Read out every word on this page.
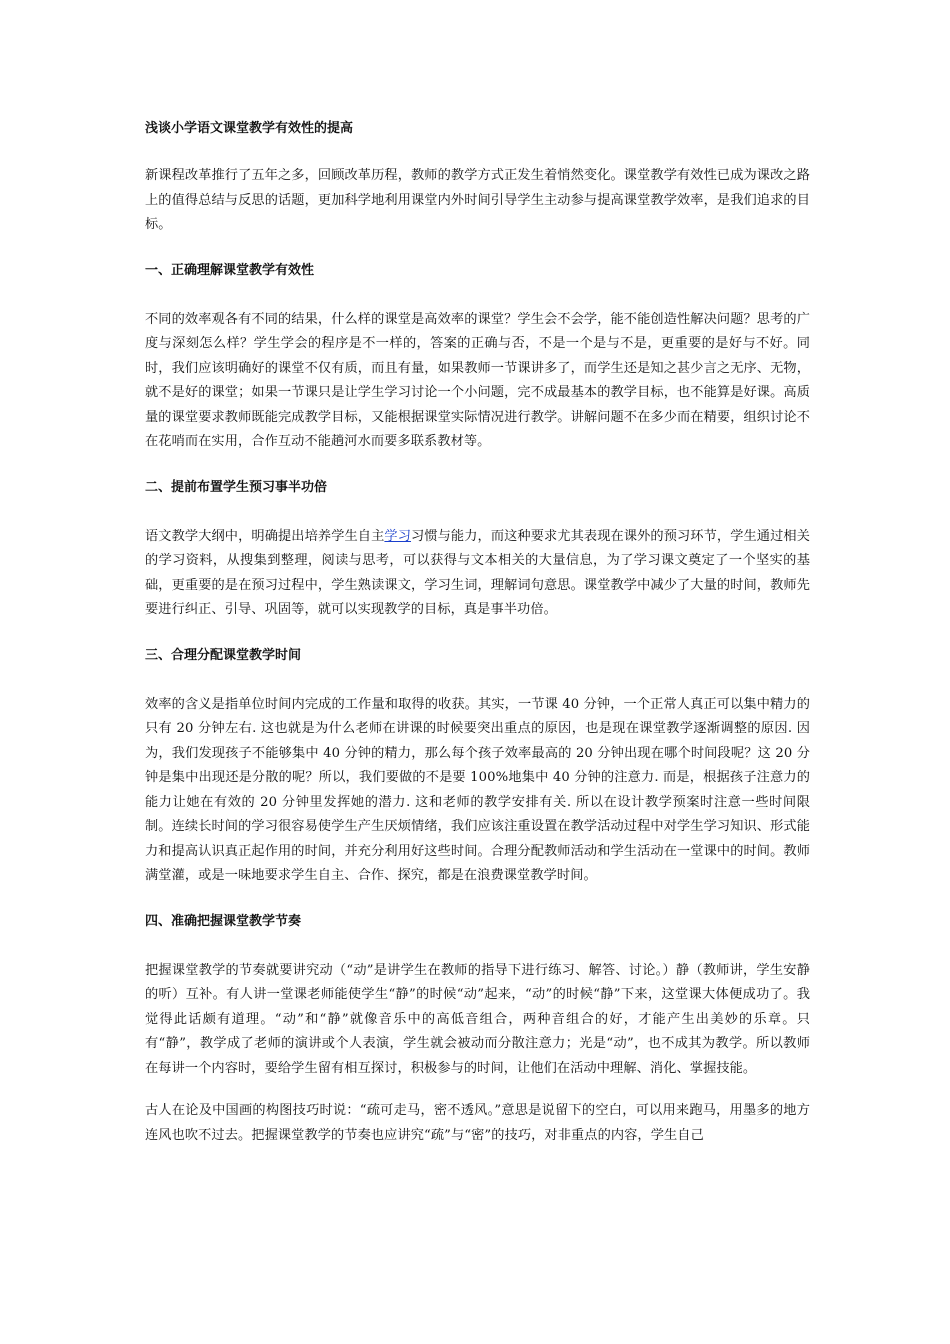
浅谈小学语文课堂教学有效性的提高

新课程改革推行了五年之多，回顾改革历程，教师的教学方式正发生着悄然变化。课堂教学有效性已成为课改之路上的值得总结与反思的话题，更加科学地利用课堂内外时间引导学生主动参与提高课堂教学效率，是我们追求的目标。

一、正确理解课堂教学有效性

不同的效率观各有不同的结果，什么样的课堂是高效率的课堂？学生会不会学，能不能创造性解决问题？思考的广度与深刻怎么样？学生学会的程序是不一样的，答案的正确与否，不是一个是与不是，更重要的是好与不好。同时，我们应该明确好的课堂不仅有质，而且有量，如果教师一节课讲多了，而学生还是知之甚少言之无序、无物，就不是好的课堂；如果一节课只是让学生学习讨论一个小问题，完不成最基本的教学目标，也不能算是好课。高质量的课堂要求教师既能完成教学目标，又能根据课堂实际情况进行教学。讲解问题不在多少而在精要，组织讨论不在花哨而在实用，合作互动不能趟河水而要多联系教材等。

二、提前布置学生预习事半功倍

语文教学大纲中，明确提出培养学生自主学习习惯与能力，而这种要求尤其表现在课外的预习环节，学生通过相关的学习资料，从搜集到整理，阅读与思考，可以获得与文本相关的大量信息，为了学习课文奠定了一个坚实的基础，更重要的是在预习过程中，学生熟读课文，学习生词，理解词句意思。课堂教学中减少了大量的时间，教师先要进行纠正、引导、巩固等，就可以实现教学的目标，真是事半功倍。

三、合理分配课堂教学时间

效率的含义是指单位时间内完成的工作量和取得的收获。其实，一节课 40 分钟，一个正常人真正可以集中精力的只有 20 分钟左右. 这也就是为什么老师在讲课的时候要突出重点的原因，也是现在课堂教学逐渐调整的原因. 因为，我们发现孩子不能够集中 40 分钟的精力，那么每个孩子效率最高的 20 分钟出现在哪个时间段呢？这 20 分钟是集中出现还是分散的呢？所以，我们要做的不是要 100%地集中 40 分钟的注意力. 而是，根据孩子注意力的能力让她在有效的 20 分钟里发挥她的潜力. 这和老师的教学安排有关. 所以在设计教学预案时注意一些时间限制。连续长时间的学习很容易使学生产生厌烦情绪，我们应该注重设置在教学活动过程中对学生学习知识、形式能力和提高认识真正起作用的时间，并充分利用好这些时间。合理分配教师活动和学生活动在一堂课中的时间。教师满堂灌，或是一味地要求学生自主、合作、探究，都是在浪费课堂教学时间。

四、准确把握课堂教学节奏

把握课堂教学的节奏就要讲究动（“动”是讲学生在教师的指导下进行练习、解答、讨论。）静（教师讲，学生安静的听）互补。有人讲一堂课老师能使学生“静”的时候“动”起来，“动”的时候“静”下来，这堂课大体便成功了。我觉得此话颇有道理。“动”和“静”就像音乐中的高低音组合，两种音组合的好，才能产生出美妙的乐章。只有“静”，教学成了老师的演讲或个人表演，学生就会被动而分散注意力；光是“动”，也不成其为教学。所以教师在每讲一个内容时，要给学生留有相互探讨，积极参与的时间，让他们在活动中理解、消化、掌握技能。

古人在论及中国画的构图技巧时说：“疏可走马，密不透风。”意思是说留下的空白，可以用来跑马，用墨多的地方连风也吹不过去。把握课堂教学的节奏也应讲究“疏”与“密”的技巧，对非重点的内容，学生自己
